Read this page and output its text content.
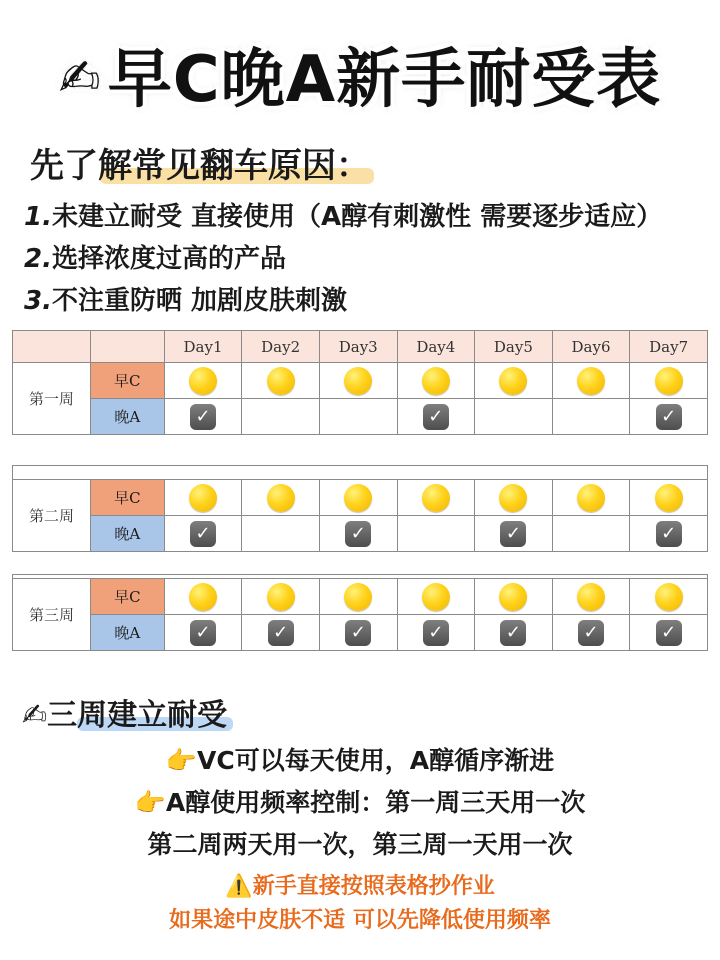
✍早C晚A新手耐受表
先了解常见翻车原因：
1.未建立耐受 直接使用（A醇有刺激性 需要逐步适应）
2.选择浓度过高的产品
3.不注重防晒 加剧皮肤刺激
		Day1	Day2	Day3	Day4	Day5	Day6	Day7
第一周	早C							
	晚A	✓			✓			✓

第二周	早C							
	晚A	✓		✓		✓		✓

第三周	早C							
	晚A	✓	✓	✓	✓	✓	✓	✓
✍三周建立耐受
👉VC可以每天使用，A醇循序渐进
👉A醇使用频率控制：第一周三天用一次
第二周两天用一次，第三周一天用一次
⚠️新手直接按照表格抄作业
如果途中皮肤不适 可以先降低使用频率
